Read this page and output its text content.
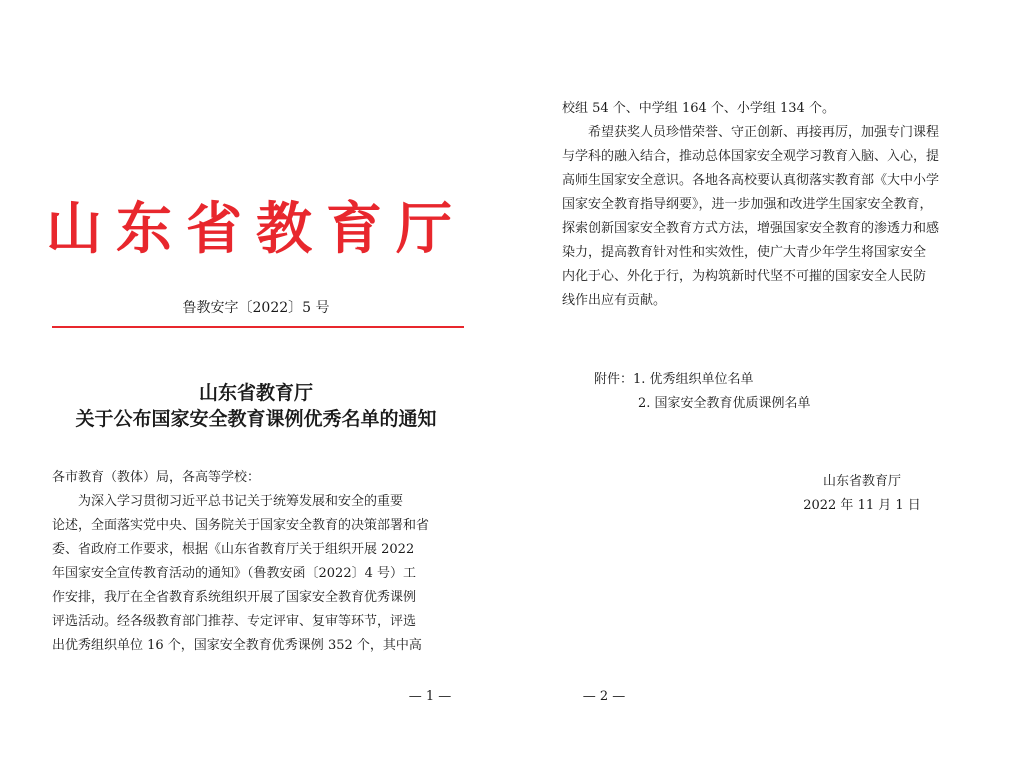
山东省教育厅
鲁教安字〔2022〕5 号
山东省教育厅
关于公布国家安全教育课例优秀名单的通知
各市教育（教体）局，各高等学校：
为深入学习贯彻习近平总书记关于统筹发展和安全的重要
论述，全面落实党中央、国务院关于国家安全教育的决策部署和省
委、省政府工作要求，根据《山东省教育厅关于组织开展 2022
年国家安全宣传教育活动的通知》（鲁教安函〔2022〕4 号）工
作安排，我厅在全省教育系统组织开展了国家安全教育优秀课例
评选活动。经各级教育部门推荐、专定评审、复审等环节，评选
出优秀组织单位 16 个，国家安全教育优秀课例 352 个，其中高
— 1 —
校组 54 个、中学组 164 个、小学组 134 个。
希望获奖人员珍惜荣誉、守正创新、再接再厉，加强专门课程
与学科的融入结合，推动总体国家安全观学习教育入脑、入心，提
高师生国家安全意识。各地各高校要认真彻落实教育部《大中小学
国家安全教育指导纲要》，进一步加强和改进学生国家安全教育，
探索创新国家安全教育方式方法，增强国家安全教育的渗透力和感
染力，提高教育针对性和实效性，使广大青少年学生将国家安全
内化于心、外化于行，为构筑新时代坚不可摧的国家安全人民防
线作出应有贡献。
附件：1. 优秀组织单位名单
2. 国家安全教育优质课例名单
山东省教育厅
2022 年 11 月 1 日
— 2 —
